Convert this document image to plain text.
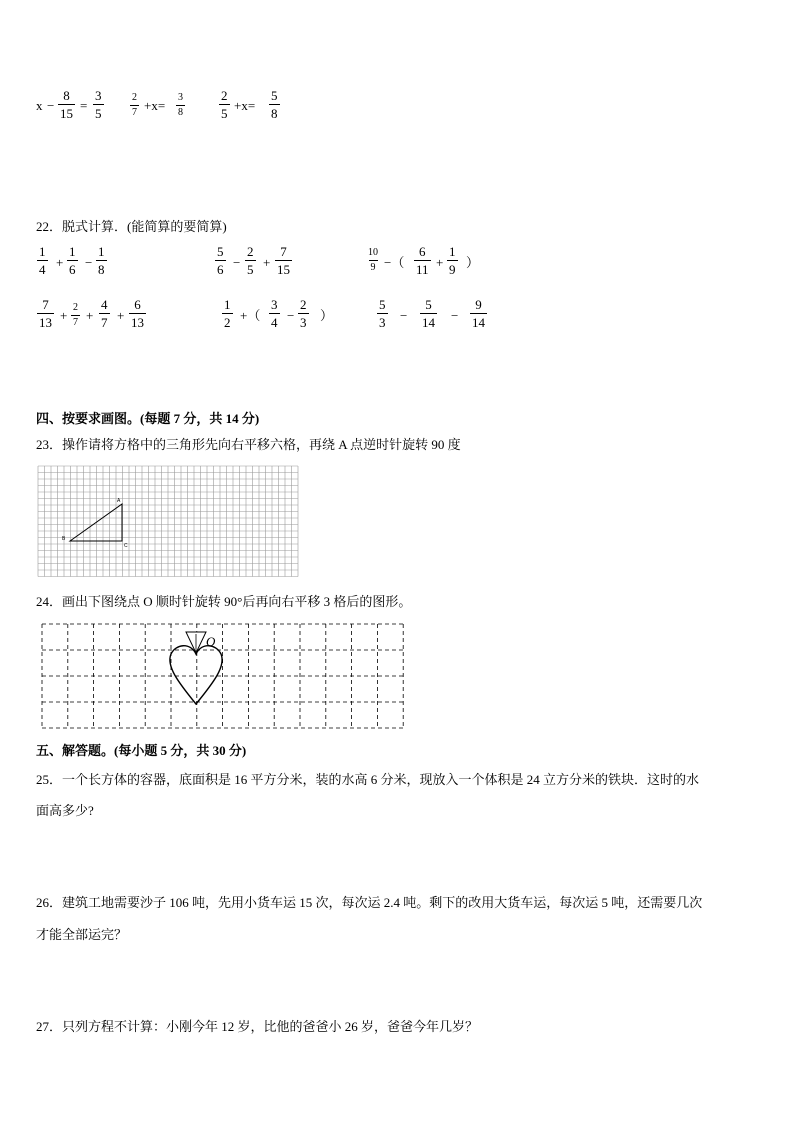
$x - \frac{8}{15} = \frac{3}{5}$	$\frac{2}{7} +x= \frac{3}{8}$	$\frac{2}{5} +x= \frac{5}{8}$
22．脱式计算．(能简算的要简算)
$\frac{1}{4} + \frac{1}{6} - \frac{1}{8}$	$\frac{5}{6} - \frac{2}{5} + \frac{7}{15}$	$\frac{10}{9}$ −（ $\frac{6}{11} + \frac{1}{9}$ ）
$\frac{7}{13} + \frac{2}{7} + \frac{4}{7} + \frac{6}{13}$	$\frac{1}{2}$ +（ $\frac{3}{4} - \frac{2}{3}$ ）	$\frac{5}{3} - \frac{5}{14} - \frac{9}{14}$
四、按要求画图。(每题 7 分，共 14 分)
23．操作请将方格中的三角形先向右平移六格，再绕 A 点逆时针旋转 90 度
A
B
C
24．画出下图绕点 O 顺时针旋转 90°后再向右平移 3 格后的图形。
O
五、解答题。(每小题 5 分，共 30 分)
25．一个长方体的容器，底面积是 16 平方分米，装的水高 6 分米，现放入一个体积是 24 立方分米的铁块．这时的水
面高多少?
26．建筑工地需要沙子 106 吨，先用小货车运 15 次，每次运 2.4 吨。剩下的改用大货车运，每次运 5 吨，还需要几次
才能全部运完？
27．只列方程不计算：小刚今年 12 岁，比他的爸爸小 26 岁，爸爸今年几岁？
